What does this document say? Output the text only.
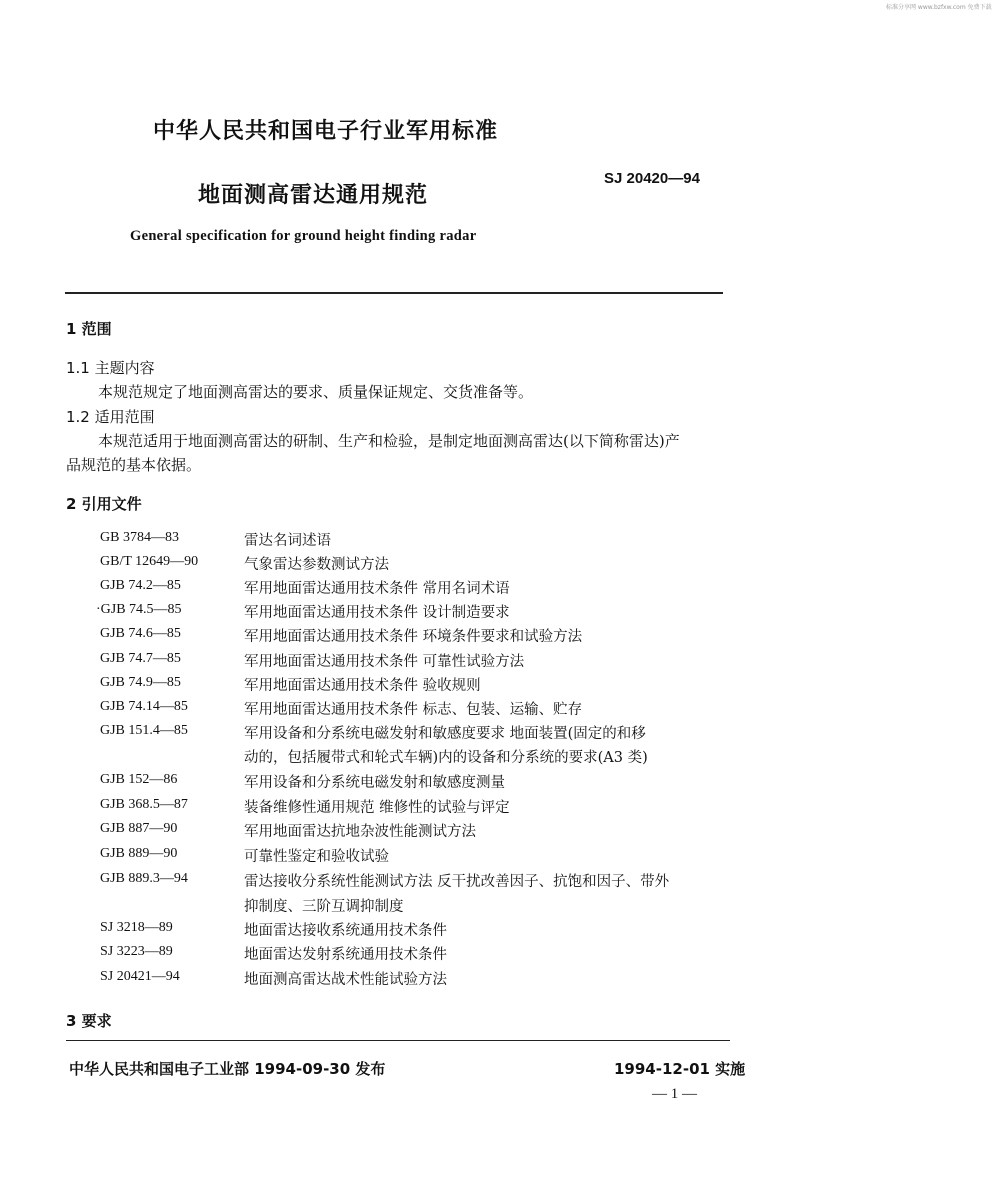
标准分享网 www.bzfxw.com 免费下载
中华人民共和国电子行业军用标准
SJ 20420—94
地面测高雷达通用规范
General specification for ground height finding radar
1 范围
1.1 主题内容
本规范规定了地面测高雷达的要求、质量保证规定、交货准备等。
1.2 适用范围
本规范适用于地面测高雷达的研制、生产和检验，是制定地面测高雷达(以下简称雷达)产
品规范的基本依据。
2 引用文件
GB 3784—83	雷达名词述语
GB/T 12649—90	气象雷达参数测试方法
GJB 74.2—85	军用地面雷达通用技术条件 常用名词术语
·GJB 74.5—85	军用地面雷达通用技术条件 设计制造要求
GJB 74.6—85	军用地面雷达通用技术条件 环境条件要求和试验方法
GJB 74.7—85	军用地面雷达通用技术条件 可靠性试验方法
GJB 74.9—85	军用地面雷达通用技术条件 验收规则
GJB 74.14—85	军用地面雷达通用技术条件 标志、包装、运输、贮存
GJB 151.4—85	军用设备和分系统电磁发射和敏感度要求 地面装置(固定的和移
动的，包括履带式和轮式车辆)内的设备和分系统的要求(A3 类)
GJB 152—86	军用设备和分系统电磁发射和敏感度测量
GJB 368.5—87	装备维修性通用规范 维修性的试验与评定
GJB 887—90	军用地面雷达抗地杂波性能测试方法
GJB 889—90	可靠性鉴定和验收试验
GJB 889.3—94	雷达接收分系统性能测试方法 反干扰改善因子、抗饱和因子、带外
抑制度、三阶互调抑制度
SJ 3218—89	地面雷达接收系统通用技术条件
SJ 3223—89	地面雷达发射系统通用技术条件
SJ 20421—94	地面测高雷达战术性能试验方法
3 要求
中华人民共和国电子工业部 1994-09-30 发布	1994-12-01 实施
— 1 —
